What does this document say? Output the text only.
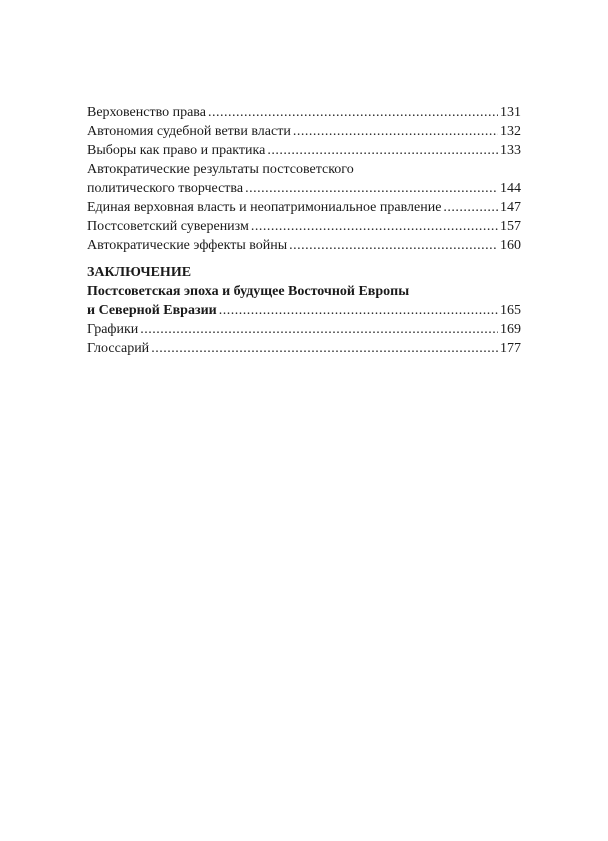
Верховенство права .....	131
Автономия судебной ветви власти .....	132
Выборы как право и практика .....	133
Автократические результаты постсоветского
политического творчества .....	144
Единая верховная власть и неопатримониальное правление .....	147
Постсоветский суверенизм .....	157
Автократические эффекты войны .....	160
ЗАКЛЮЧЕНИЕ
Постсоветская эпоха и будущее Восточной Европы
и Северной Евразии .....	165
Графики .....	169
Глоссарий .....	177
